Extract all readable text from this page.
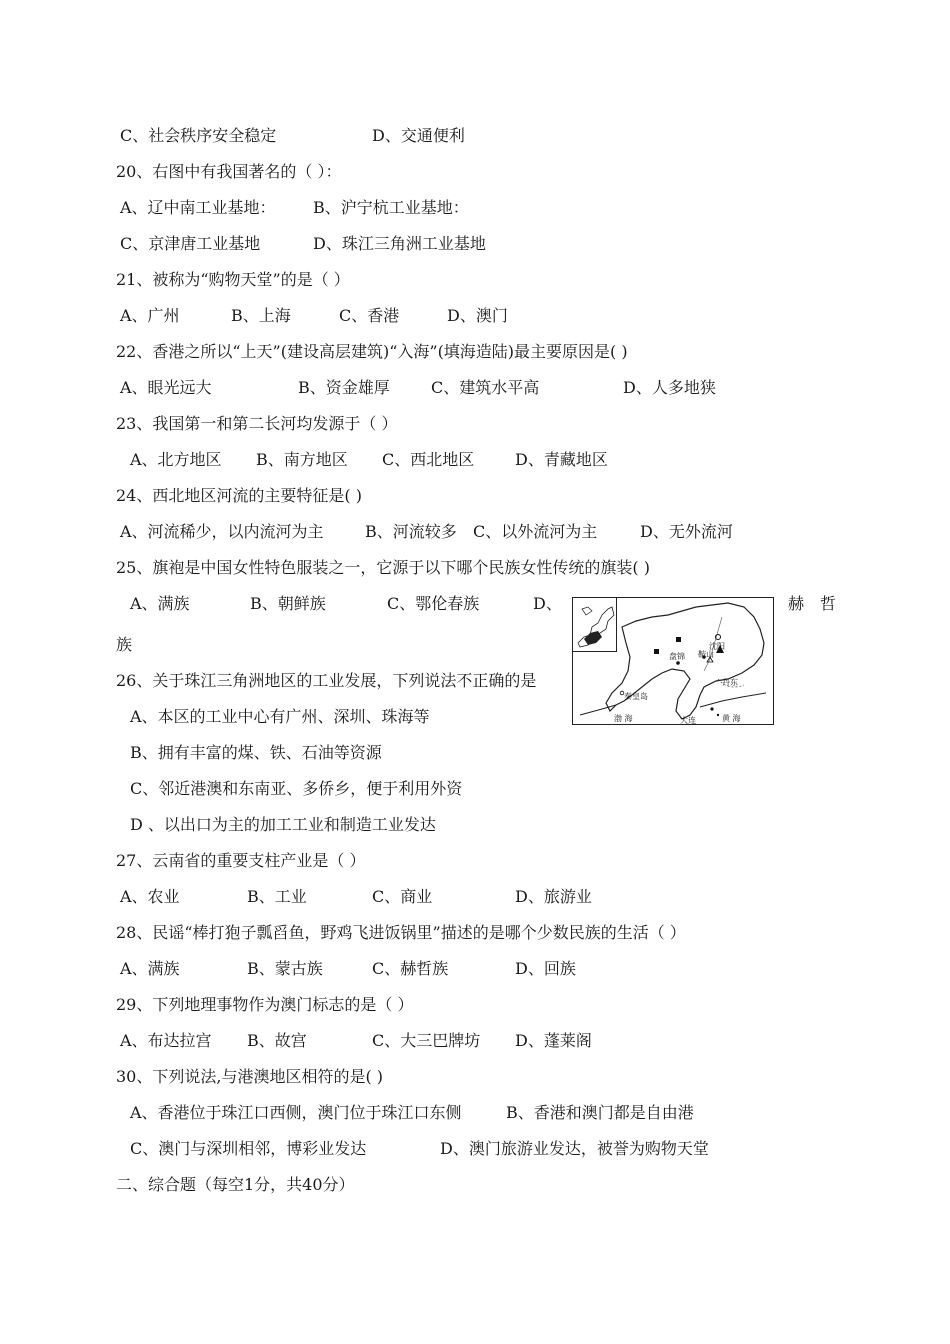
C、社会秩序安全稳定	D、交通便利
20、右图中有我国著名的（ ）：
A、辽中南工业基地： B、沪宁杭工业基地：
C、京津唐工业基地	D、珠江三角洲工业基地
21、被称为“购物天堂”的是（ ）
A、广州	B、上海	C、香港	D、澳门
22、香港之所以“上天”(建设高层建筑)“入海”(填海造陆)最主要原因是( )
A、眼光远大	B、资金雄厚	C、建筑水平高	D、人多地狭
23、我国第一和第二长河均发源于（ ）
A、北方地区 B、南方地区 C、西北地区	D、青藏地区
24、西北地区河流的主要特征是( )
A、河流稀少，以内流河为主	B、河流较多 C、以外流河为主	D、无外流河
25、旗袍是中国女性特色服装之一，它源于以下哪个民族女性传统的旗装( )
A、满族	B、朝鲜族	C、鄂伦春族	D、	赫 哲
族	沈阳
鞍山
盘锦
丹东
秦皇岛
大连
渤 海	黄 海
26、关于珠江三角洲地区的工业发展，下列说法不正确的是
A、本区的工业中心有广州、深圳、珠海等
B、拥有丰富的煤、铁、石油等资源
C、邻近港澳和东南亚、多侨乡，便于利用外资
D 、以出口为主的加工工业和制造工业发达
27、云南省的重要支柱产业是（ ）
A、农业	B、工业	C、商业	D、旅游业
28、民谣“棒打狍子瓢舀鱼，野鸡飞进饭锅里”描述的是哪个少数民族的生活（ ）
A、满族	B、蒙古族	C、赫哲族	D、回族
29、下列地理事物作为澳门标志的是（ ）
A、布达拉宫 B、故宫	C、大三巴牌坊 D、蓬莱阁
30、下列说法,与港澳地区相符的是( )
A、香港位于珠江口西侧，澳门位于珠江口东侧	B、香港和澳门都是自由港
C、澳门与深圳相邻，博彩业发达	D、澳门旅游业发达，被誉为购物天堂
二、综合题（每空1分，共40分）
